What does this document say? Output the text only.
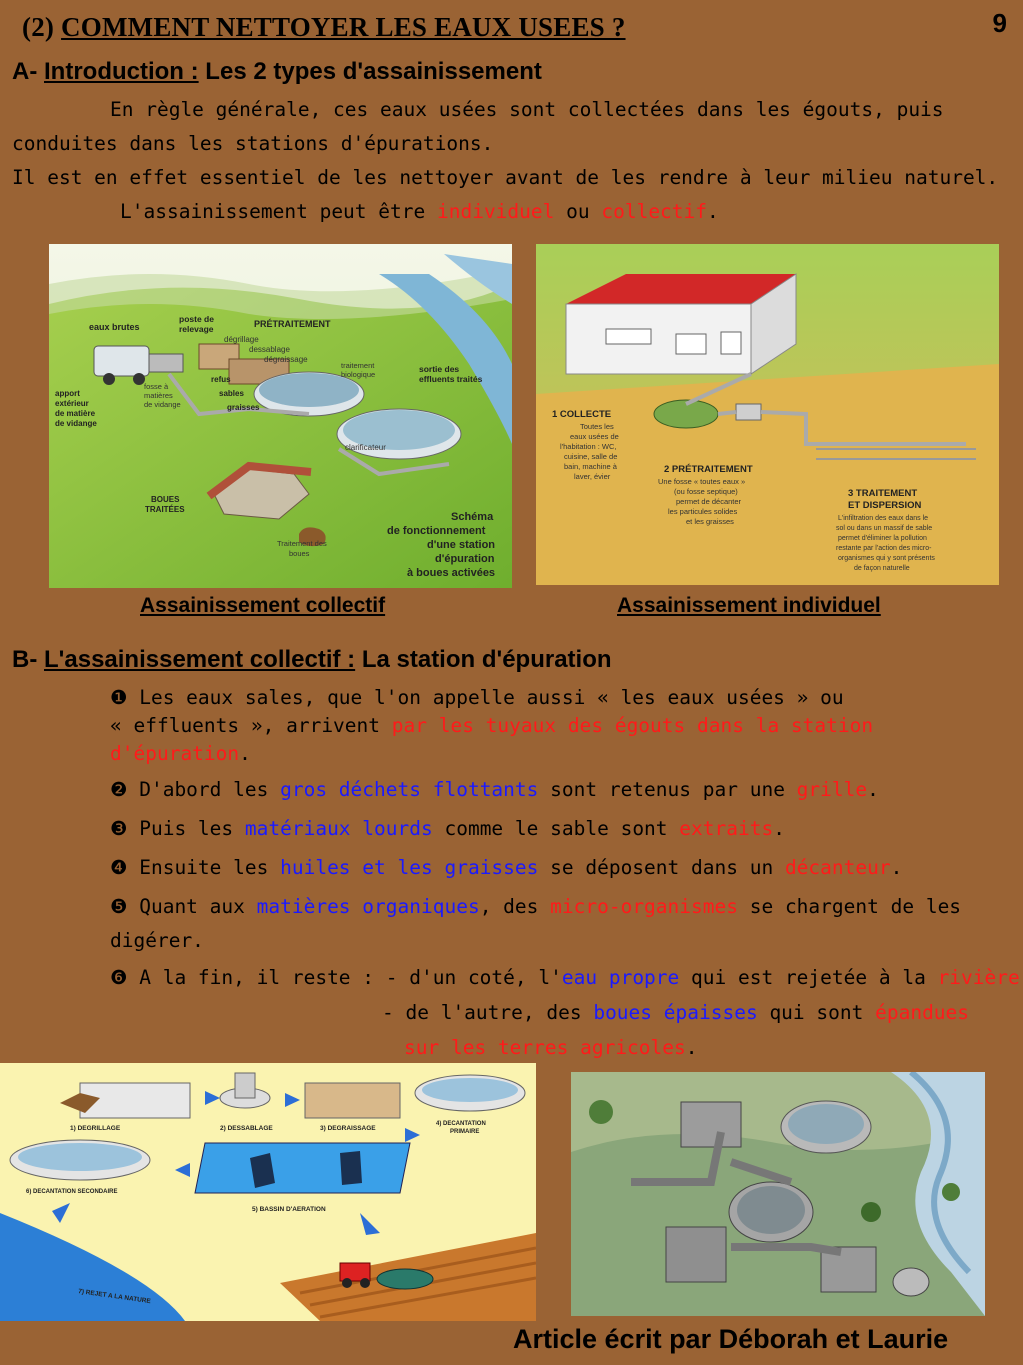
(2) COMMENT NETTOYER LES EAUX USEES ?	9
A- Introduction : Les 2 types d'assainissement
En règle générale, ces eaux usées sont collectées dans les égouts, puis
conduites dans les stations d'épurations.
Il est en effet essentiel de les nettoyer avant de les rendre à leur milieu naturel.
L'assainissement peut être individuel ou collectif.
eaux brutes
poste de
relevage	PRÉTRAITEMENT
dégrillage
dessablage
dégraissage
traitement
biologique
sortie des
effluents traités
apport
extérieur
de matière
de vidange
fosse à
matières
de vidange
refus
sables
graisses
clarificateur
BOUES
TRAITÉES
Traitement des
boues
Schéma
de fonctionnement
d'une station
d'épuration
à boues activées
1 COLLECTE
Toutes les
eaux usées de
l'habitation : WC,
cuisine, salle de
bain, machine à
laver, évier
2 PRÉTRAITEMENT
Une fosse « toutes eaux »
(ou fosse septique)
permet de décanter
les particules solides
et les graisses
3 TRAITEMENT
ET DISPERSION
L'infiltration des eaux dans le
sol ou dans un massif de sable
permet d'éliminer la pollution
restante par l'action des micro-
organismes qui y sont présents
de façon naturelle
Assainissement collectif	Assainissement individuel
B- L'assainissement collectif : La station d'épuration
❶ Les eaux sales, que l'on appelle aussi « les eaux usées » ou
« effluents », arrivent par les tuyaux des égouts dans la station
d'épuration.
❷ D'abord les gros déchets flottants sont retenus par une grille.
❸ Puis les matériaux lourds comme le sable sont extraits.
❹ Ensuite les huiles et les graisses se déposent dans un décanteur.
❺ Quant aux matières organiques, des micro-organismes se chargent de les
digérer.
❻ A la fin, il reste : - d'un coté, l'eau propre qui est rejetée à la rivière
- de l'autre, des boues épaisses qui sont épandues
sur les terres agricoles.
1) DEGRILLAGE	2) DESSABLAGE	3) DEGRAISSAGE
4) DECANTATION
PRIMAIRE
6) DECANTATION SECONDAIRE
5) BASSIN D'AERATION
7) REJET A LA NATURE
Article écrit par Déborah et Laurie
